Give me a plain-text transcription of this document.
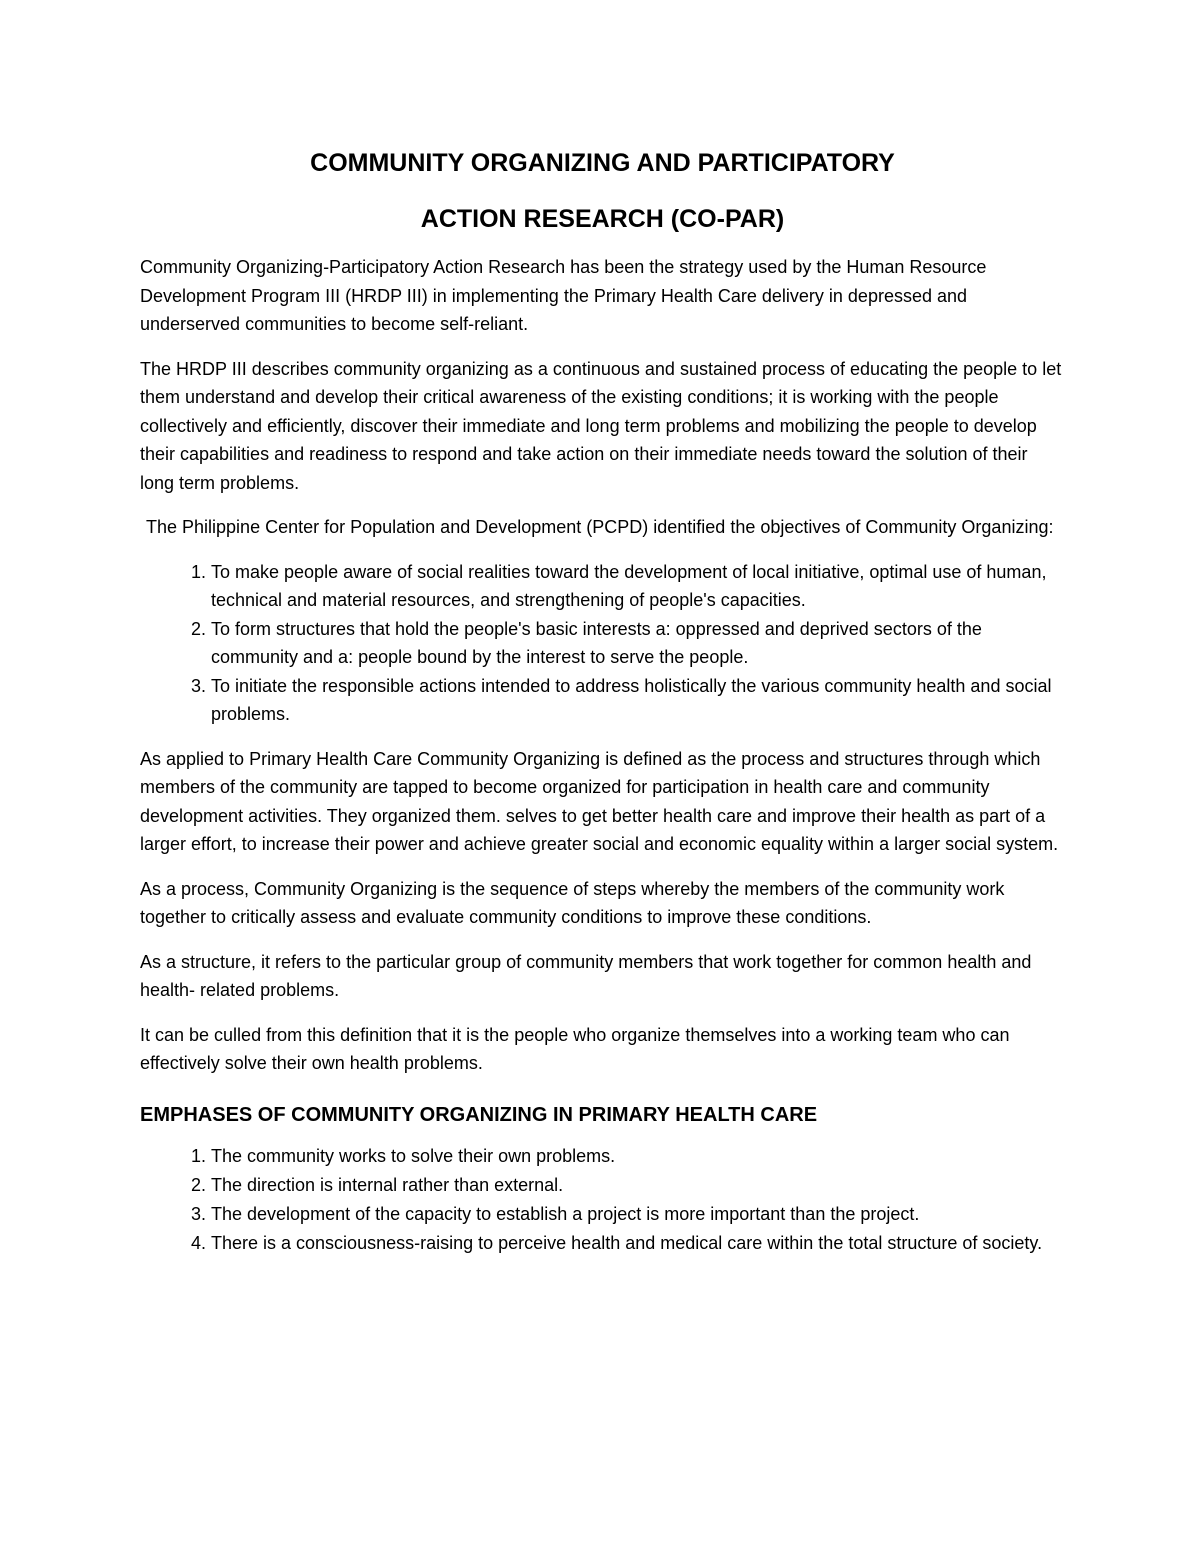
COMMUNITY ORGANIZING AND PARTICIPATORY
ACTION RESEARCH (CO-PAR)

Community Organizing-Participatory Action Research has been the strategy used by the Human Resource Development Program III (HRDP III) in implementing the Primary Health Care delivery in depressed and underserved communities to become self-reliant.

The HRDP III describes community organizing as a continuous and sustained process of educating the people to let them understand and develop their critical awareness of the existing conditions; it is working with the people collectively and efficiently, discover their immediate and long term problems and mobilizing the people to develop their capabilities and readiness to respond and take action on their immediate needs toward the solution of their long term problems.

The Philippine Center for Population and Development (PCPD) identified the objectives of Community Organizing:

1. To make people aware of social realities toward the development of local initiative, optimal use of human, technical and material resources, and strengthening of people's capacities.
2. To form structures that hold the people's basic interests a: oppressed and deprived sectors of the community and a: people bound by the interest to serve the people.
3. To initiate the responsible actions intended to address holistically the various community health and social problems.

As applied to Primary Health Care Community Organizing is defined as the process and structures through which members of the community are tapped to become organized for participation in health care and community development activities. They organized them. selves to get better health care and improve their health as part of a larger effort, to increase their power and achieve greater social and economic equality within a larger social system.

As a process, Community Organizing is the sequence of steps whereby the members of the community work together to critically assess and evaluate community conditions to improve these conditions.

As a structure, it refers to the particular group of community members that work together for common health and health- related problems.

It can be culled from this definition that it is the people who organize themselves into a working team who can effectively solve their own health problems.

EMPHASES OF COMMUNITY ORGANIZING IN PRIMARY HEALTH CARE
1. The community works to solve their own problems.
2. The direction is internal rather than external.
3. The development of the capacity to establish a project is more important than the project.
4. There is a consciousness-raising to perceive health and medical care within the total structure of society.
